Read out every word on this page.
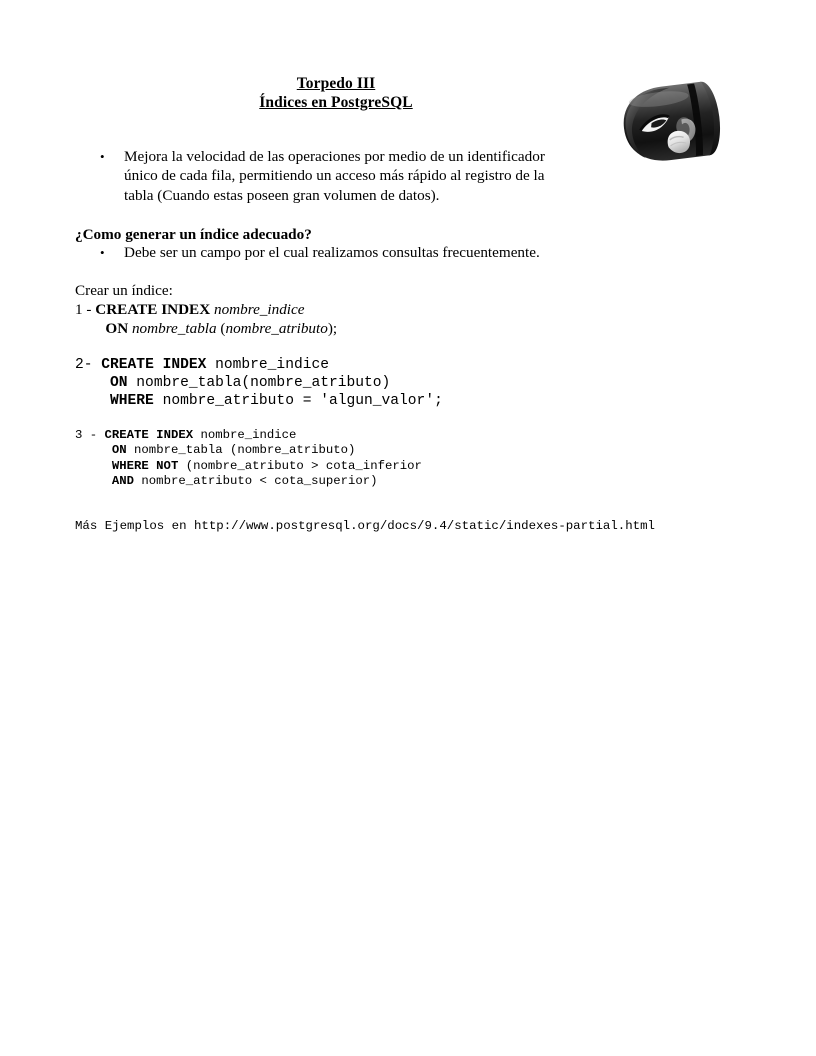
Torpedo III
Índices en PostgreSQL
• Mejora la velocidad de las operaciones por medio de un identificador único de cada fila, permitiendo un acceso más rápido al registro de la tabla (Cuando estas poseen gran volumen de datos).
¿Como generar un índice adecuado?
• Debe ser un campo por el cual realizamos consultas frecuentemente.
Crear un índice:
1 - CREATE INDEX nombre_indice
ON nombre_tabla (nombre_atributo);
2- CREATE INDEX nombre_indice
ON nombre_tabla(nombre_atributo)
WHERE nombre_atributo = 'algun_valor';
3 - CREATE INDEX nombre_indice
ON nombre_tabla (nombre_atributo)
WHERE NOT (nombre_atributo > cota_inferior
AND nombre_atributo < cota_superior)
Más Ejemplos en http://www.postgresql.org/docs/9.4/static/indexes-partial.html
